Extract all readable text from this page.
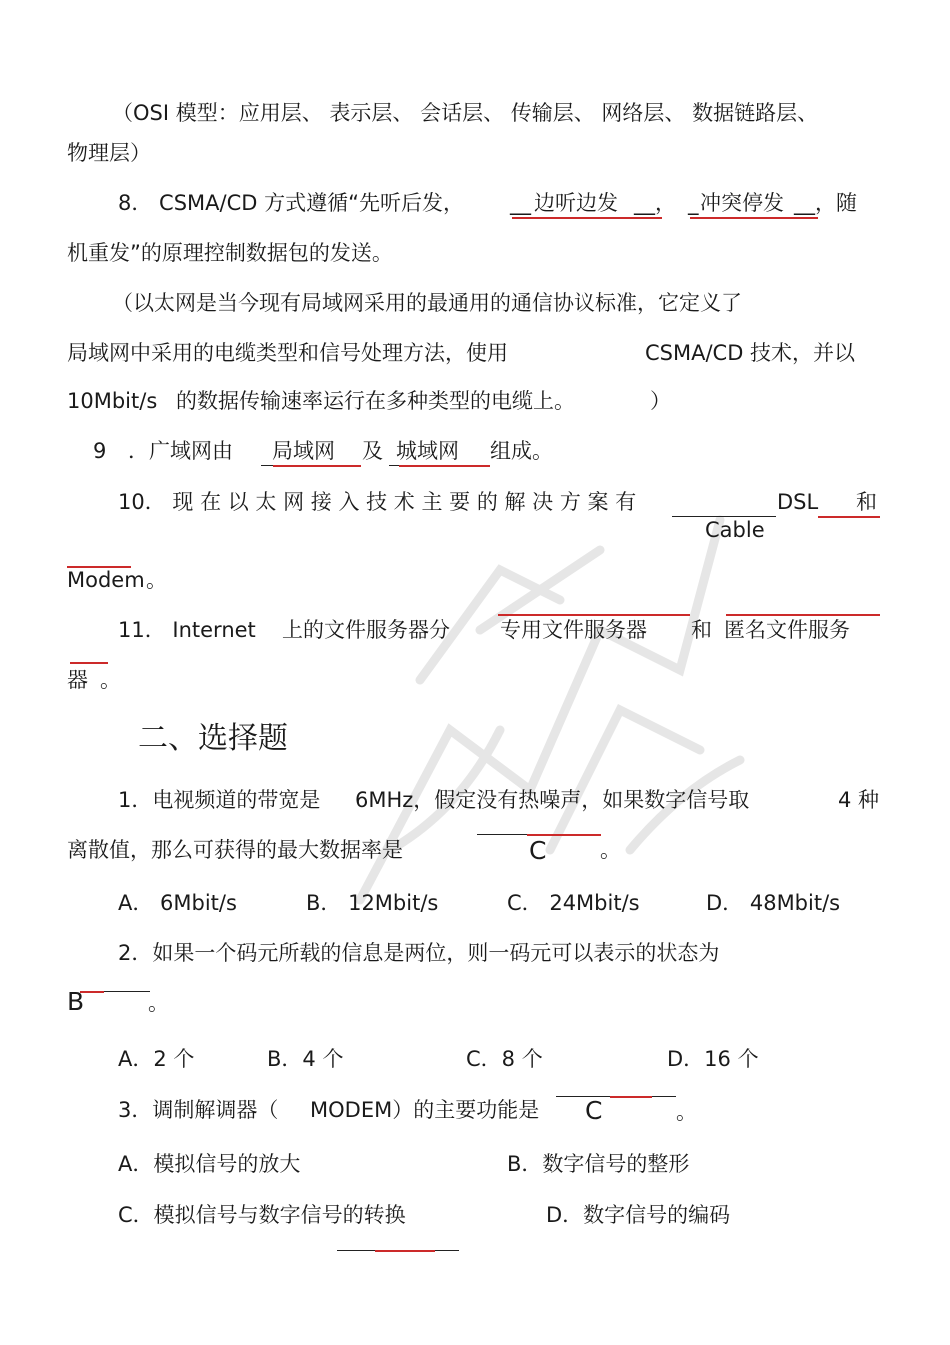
（OSI 模型：应用层、 表示层、 会话层、 传输层、 网络层、 数据链路层、
物理层）
8． CSMA/CD 方式遵循“先听后发， __ 边听边发 __， _ 冲突停发 __，随
机重发”的原理控制数据包的发送。
（以太网是当今现有局域网采用的最通用的通信协议标准，它定义了
局域网中采用的电缆类型和信号处理方法，使用	CSMA/CD 技术，并以
10Mbit/s 的数据传输速率运行在多种类型的电缆上。	）
9 ．广域网由 局域网 及 城域网 组成。
10． 现 在 以 太 网 接 入 技 术 主 要 的 解 决 方 案 有	DSL 和
Cable
Modem 。
11． Internet 上的文件服务器分 专用文件服务器 和 匿名文件服务
器 。
二、选择题
1．电视频道的带宽是 6MHz，假定没有热噪声，如果数字信号取	4 种
离散值，那么可获得的最大数据率是	C	。
A． 6Mbit/s	B． 12Mbit/s	C． 24Mbit/s	D． 48Mbit/s
2．如果一个码元所载的信息是两位，则一码元可以表示的状态为
B	。
A．2 个	B．4 个	C．8 个	D．16 个
3．调制解调器（ MODEM）的主要功能是 C	。
A．模拟信号的放大	B．数字信号的整形
C．模拟信号与数字信号的转换	D．数字信号的编码
